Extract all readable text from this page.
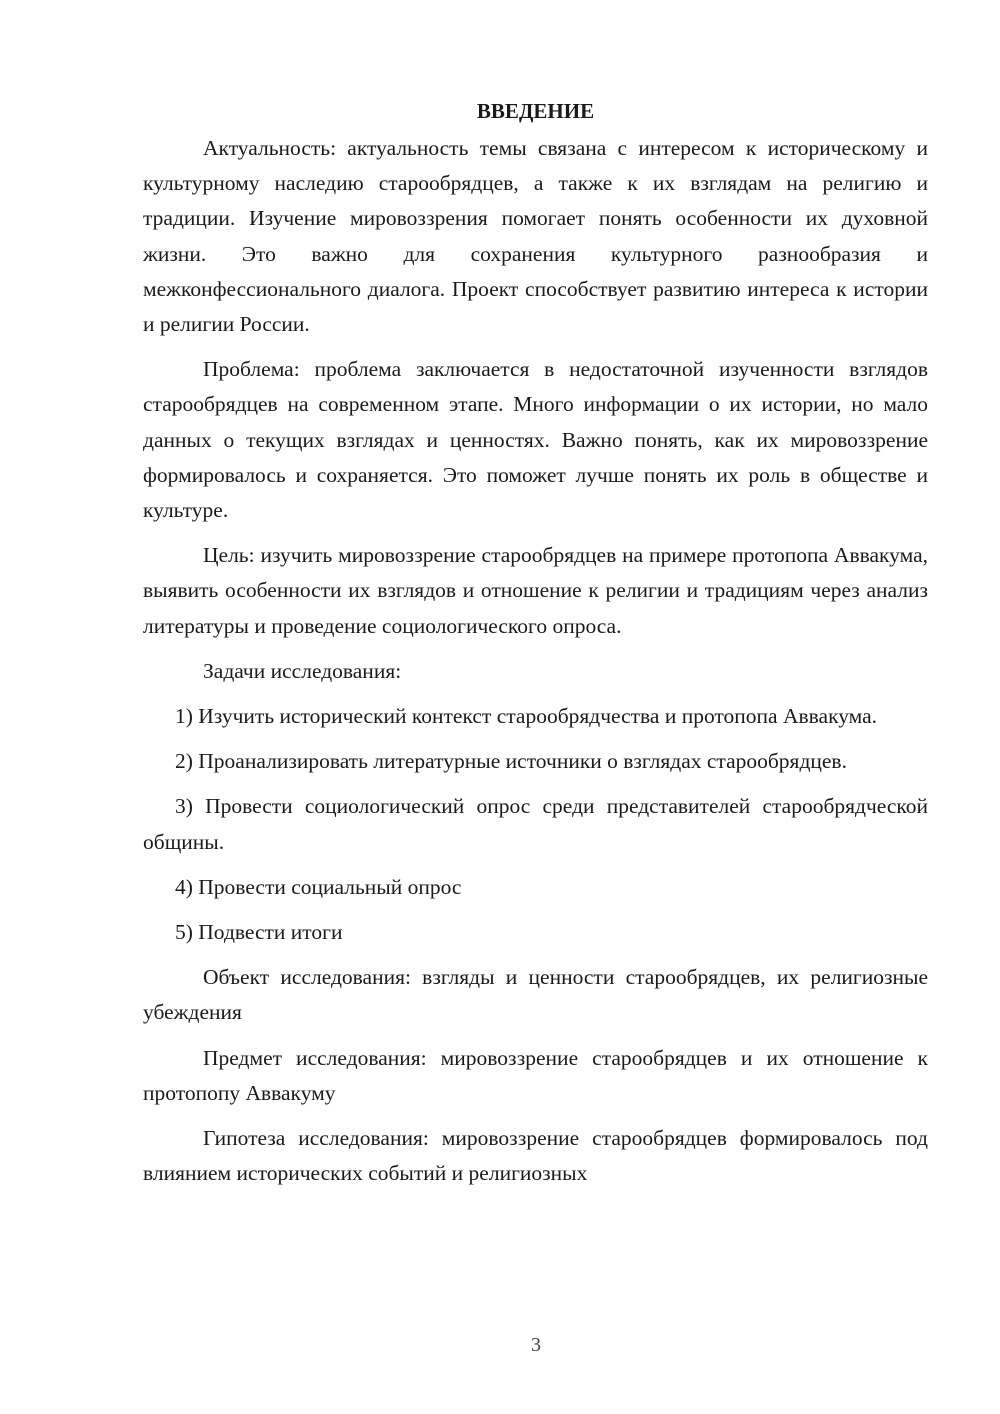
ВВЕДЕНИЕ

Актуальность: актуальность темы связана с интересом к историческому и культурному наследию старообрядцев, а также к их взглядам на религию и традиции. Изучение мировоззрения помогает понять особенности их духовной жизни. Это важно для сохранения культурного разнообразия и межконфессионального диалога. Проект способствует развитию интереса к истории и религии России.

Проблема: проблема заключается в недостаточной изученности взглядов старообрядцев на современном этапе. Много информации о их истории, но мало данных о текущих взглядах и ценностях. Важно понять, как их мировоззрение формировалось и сохраняется. Это поможет лучше понять их роль в обществе и культуре.

Цель: изучить мировоззрение старообрядцев на примере протопопа Аввакума, выявить особенности их взглядов и отношение к религии и традициям через анализ литературы и проведение социологического опроса.

Задачи исследования:

1) Изучить исторический контекст старообрядчества и протопопа Аввакума.

2) Проанализировать литературные источники о взглядах старообрядцев.

3) Провести социологический опрос среди представителей старообрядческой общины.

4) Провести социальный опрос

5) Подвести итоги

Объект исследования: взгляды и ценности старообрядцев, их религиозные убеждения

Предмет исследования: мировоззрение старообрядцев и их отношение к протопопу Аввакуму

Гипотеза исследования: мировоззрение старообрядцев формировалось под влиянием исторических событий и религиозных

3
